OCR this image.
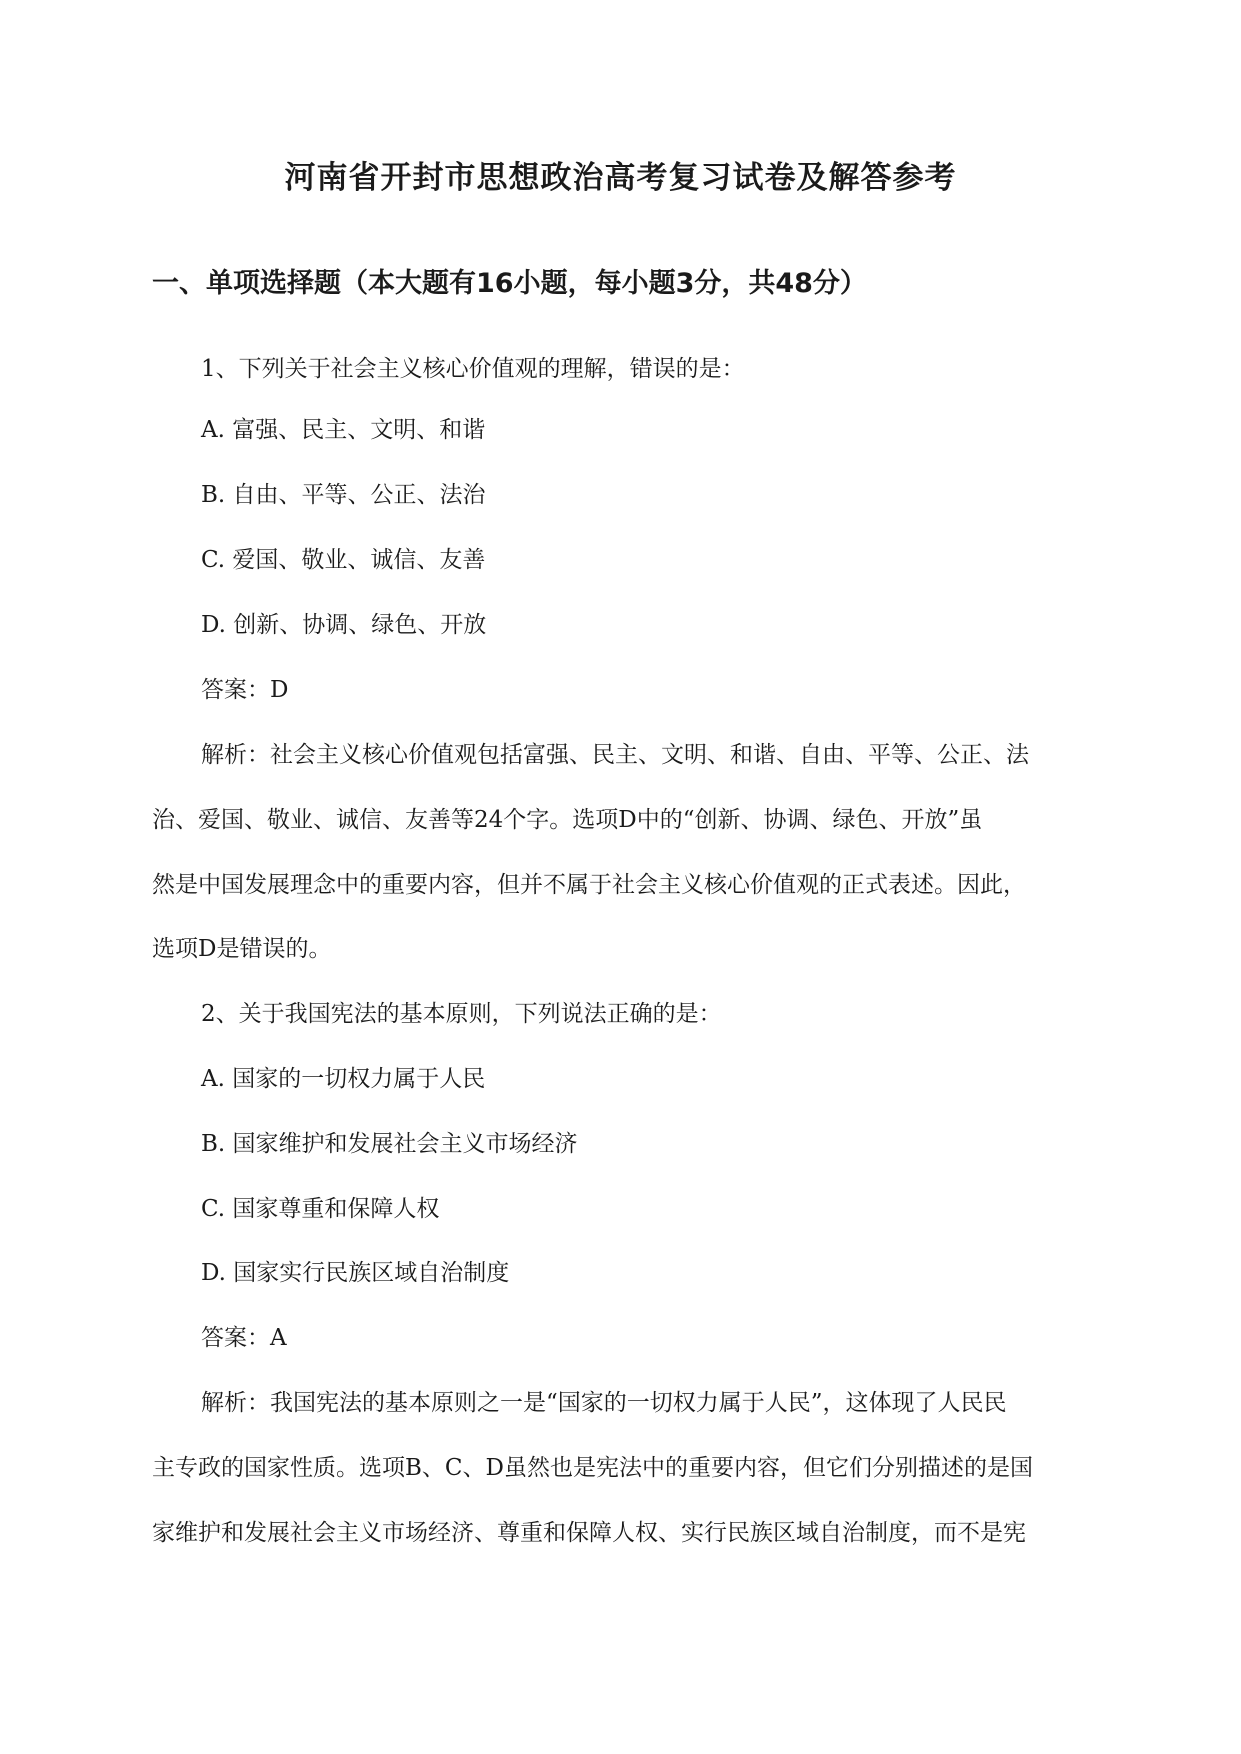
河南省开封市思想政治高考复习试卷及解答参考
一、单项选择题（本大题有16小题，每小题3分，共48分）

1、下列关于社会主义核心价值观的理解，错误的是：

A. 富强、民主、文明、和谐

B. 自由、平等、公正、法治

C. 爱国、敬业、诚信、友善

D. 创新、协调、绿色、开放

答案：D

解析：社会主义核心价值观包括富强、民主、文明、和谐、自由、平等、公正、法

治、爱国、敬业、诚信、友善等24个字。选项D中的“创新、协调、绿色、开放”虽

然是中国发展理念中的重要内容，但并不属于社会主义核心价值观的正式表述。因此，

选项D是错误的。

2、关于我国宪法的基本原则，下列说法正确的是：

A. 国家的一切权力属于人民

B. 国家维护和发展社会主义市场经济

C. 国家尊重和保障人权

D. 国家实行民族区域自治制度

答案：A

解析：我国宪法的基本原则之一是“国家的一切权力属于人民”，这体现了人民民

主专政的国家性质。选项B、C、D虽然也是宪法中的重要内容，但它们分别描述的是国

家维护和发展社会主义市场经济、尊重和保障人权、实行民族区域自治制度，而不是宪
